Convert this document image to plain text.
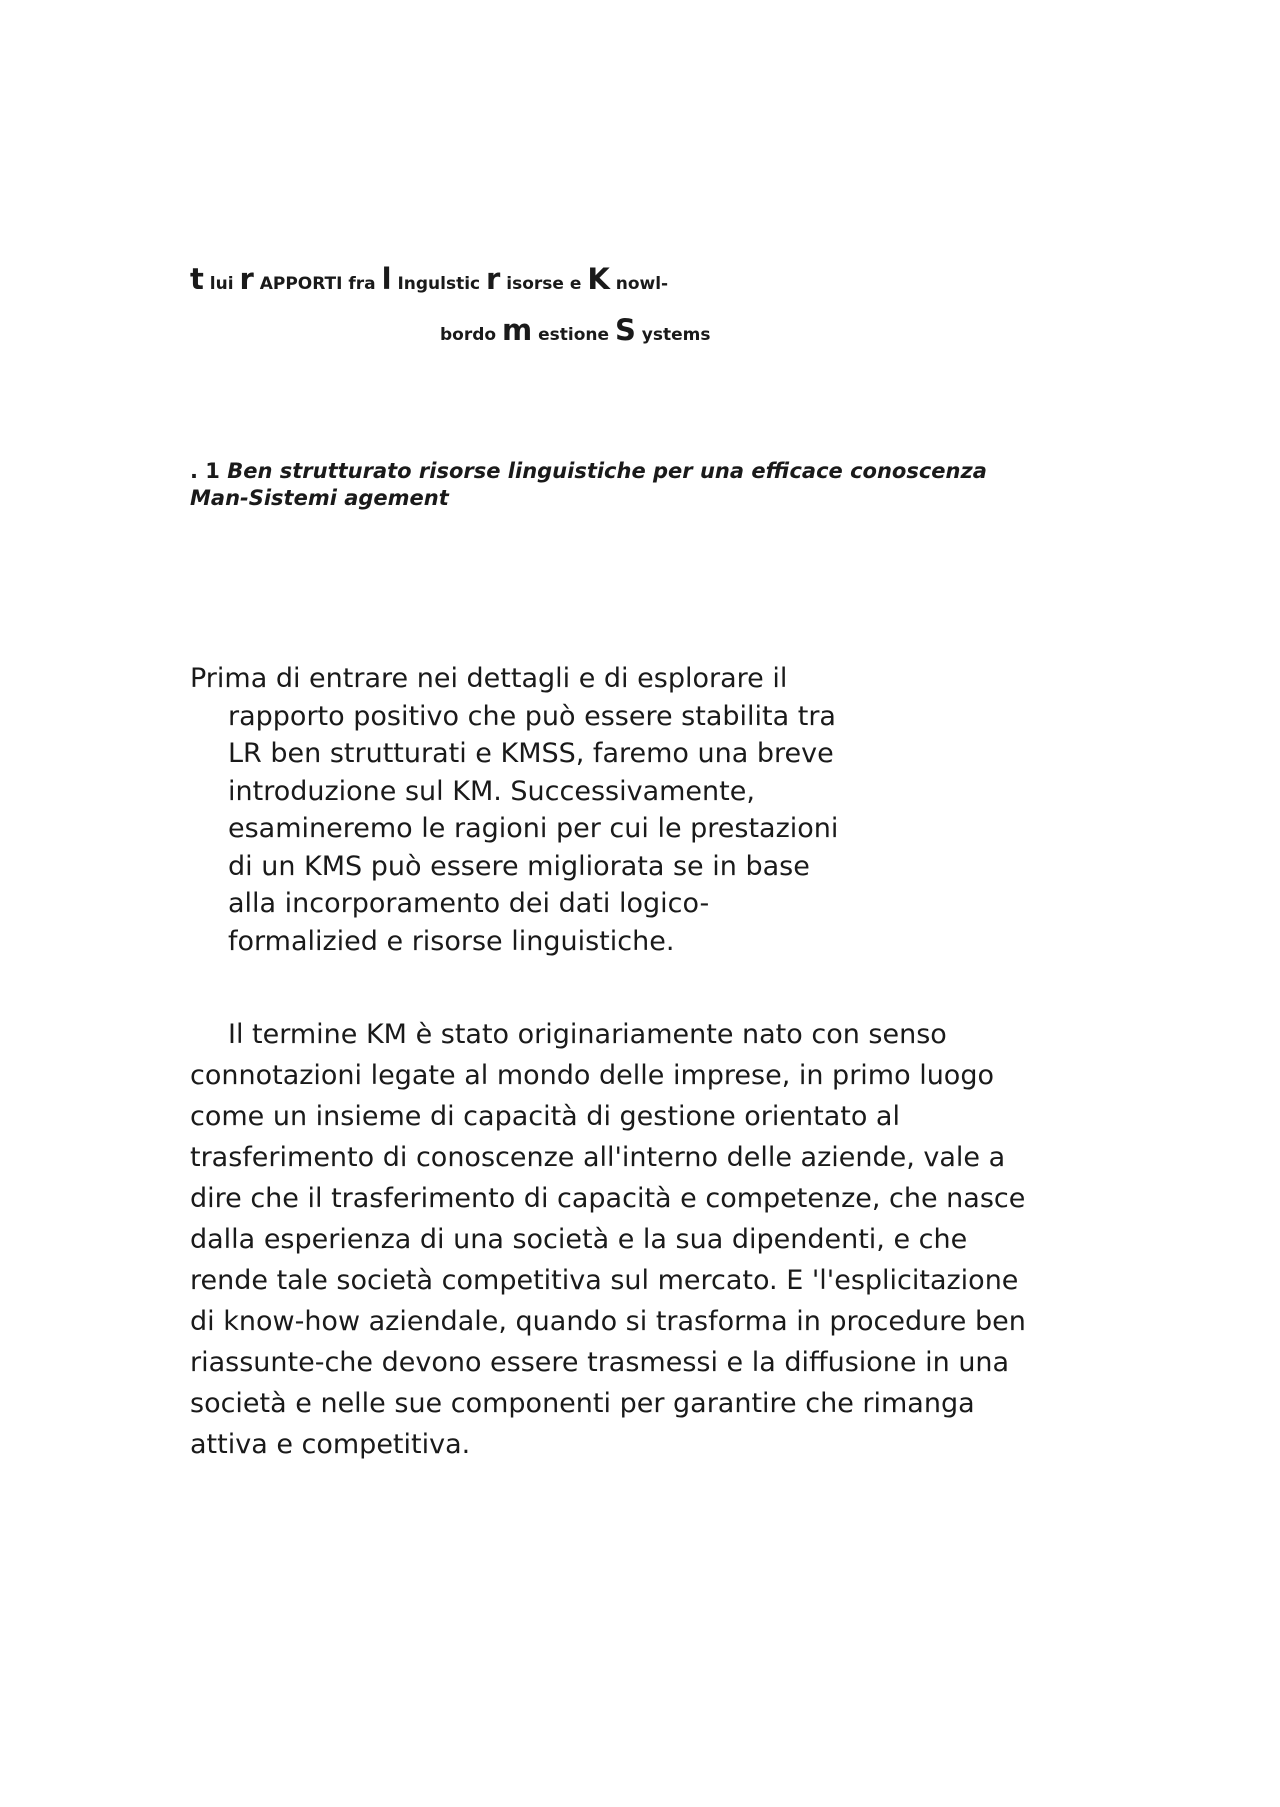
t lui r APPORTI fra l Ingulstic r isorse e K nowl-
bordo m estione S ystems
. 1 Ben strutturato risorse linguistiche per una efficace conoscenza
Man-Sistemi agement
Prima di entrare nei dettagli e di esplorare il
rapporto positivo che può essere stabilita tra
LR ben strutturati e KMSS, faremo una breve
introduzione sul KM. Successivamente,
esamineremo le ragioni per cui le prestazioni
di un KMS può essere migliorata se in base
alla incorporamento dei dati logico-
formalizied e risorse linguistiche.
Il termine KM è stato originariamente nato con senso
connotazioni legate al mondo delle imprese, in primo luogo
come un insieme di capacità di gestione orientato al
trasferimento di conoscenze all'interno delle aziende, vale a
dire che il trasferimento di capacità e competenze, che nasce
dalla esperienza di una società e la sua dipendenti, e che
rende tale società competitiva sul mercato. E 'l'esplicitazione
di know-how aziendale, quando si trasforma in procedure ben
riassunte-che devono essere trasmessi e la diffusione in una
società e nelle sue componenti per garantire che rimanga
attiva e competitiva.
